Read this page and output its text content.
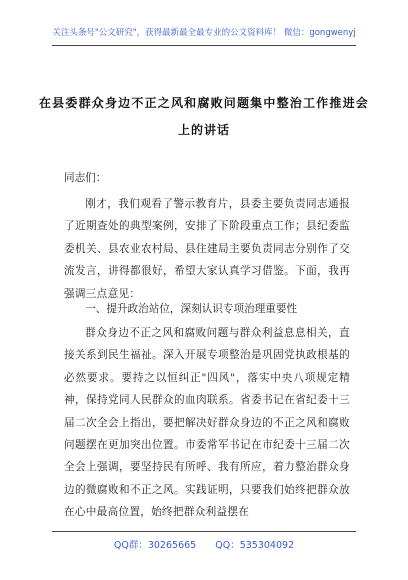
关注头条号"公文研究"，获得最新最全最专业的公文资料库！ 微信：gongwenyj
在县委群众身边不正之风和腐败问题集中整治工作推进会
上的讲话
同志们：
刚才，我们观看了警示教育片，县委主要负责同志通报了近期查处的典型案例，安排了下阶段重点工作；县纪委监委机关、县农业农村局、县住建局主要负责同志分别作了交流发言，讲得都很好，希望大家认真学习借鉴。下面，我再强调三点意见：
一、提升政治站位，深刻认识专项治理重要性
群众身边不正之风和腐败问题与群众利益息息相关，直接关系到民生福祉。深入开展专项整治是巩固党执政根基的必然要求。要持之以恒纠正"四风"，落实中央八项规定精神，保持党同人民群众的血肉联系。省委书记在省纪委十三届二次全会上指出，要把解决好群众身边的不正之风和腐败问题摆在更加突出位置。市委常军书记在市纪委十三届二次全会上强调，要坚持民有所呼、我有所应，着力整治群众身边的微腐败和不正之风。实践证明，只要我们始终把群众放在心中最高位置，始终把群众利益摆在
QQ群：30265665 QQ：535304092
